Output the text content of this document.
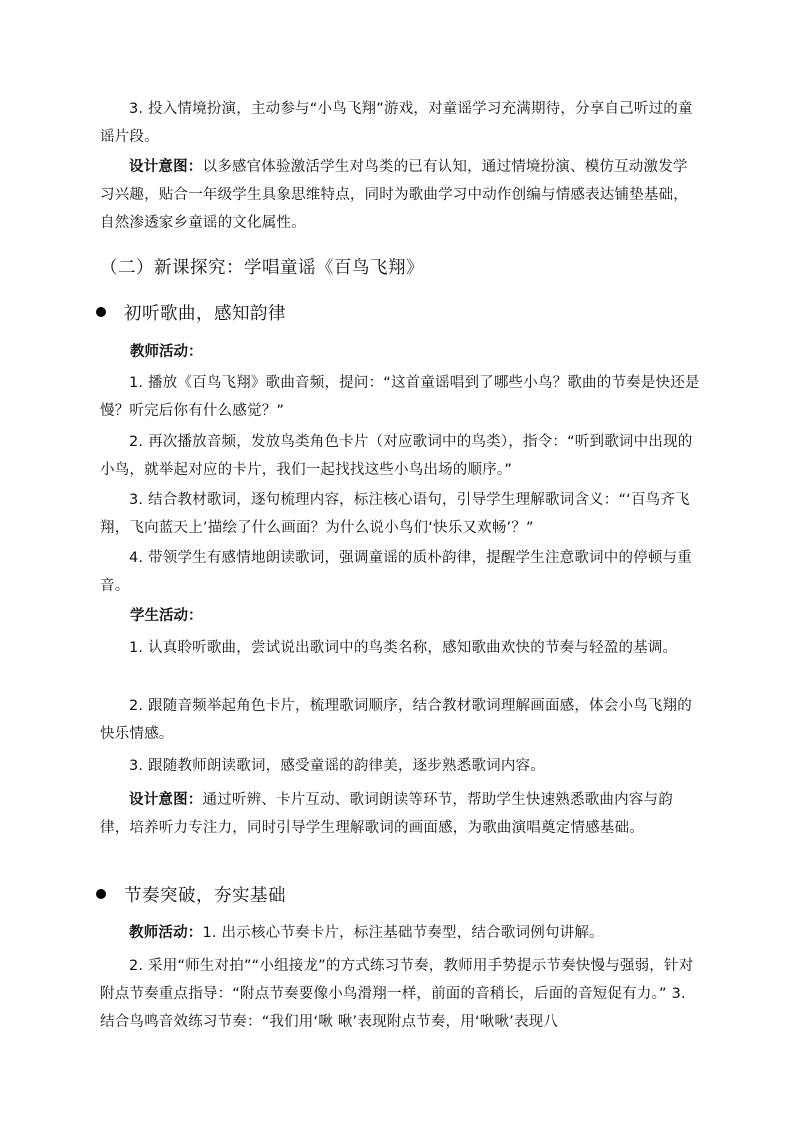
3. 投入情境扮演，主动参与“小鸟飞翔”游戏，对童谣学习充满期待，分享自己听过的童谣片段。

设计意图：以多感官体验激活学生对鸟类的已有认知，通过情境扮演、模仿互动激发学习兴趣，贴合一年级学生具象思维特点，同时为歌曲学习中动作创编与情感表达铺垫基础，自然渗透家乡童谣的文化属性。

（二）新课探究：学唱童谣《百鸟飞翔》

初听歌曲，感知韵律

教师活动：

1. 播放《百鸟飞翔》歌曲音频，提问：“这首童谣唱到了哪些小鸟？歌曲的节奏是快还是慢？听完后你有什么感觉？”

2. 再次播放音频，发放鸟类角色卡片（对应歌词中的鸟类），指令：“听到歌词中出现的小鸟，就举起对应的卡片，我们一起找找这些小鸟出场的顺序。”

3. 结合教材歌词，逐句梳理内容，标注核心语句，引导学生理解歌词含义：“‘百鸟齐飞翔，飞向蓝天上’描绘了什么画面？为什么说小鸟们‘快乐又欢畅’？”

4. 带领学生有感情地朗读歌词，强调童谣的质朴韵律，提醒学生注意歌词中的停顿与重音。

学生活动：

1. 认真聆听歌曲，尝试说出歌词中的鸟类名称，感知歌曲欢快的节奏与轻盈的基调。

2. 跟随音频举起角色卡片，梳理歌词顺序，结合教材歌词理解画面感，体会小鸟飞翔的快乐情感。

3. 跟随教师朗读歌词，感受童谣的韵律美，逐步熟悉歌词内容。

设计意图：通过听辨、卡片互动、歌词朗读等环节，帮助学生快速熟悉歌曲内容与韵律，培养听力专注力，同时引导学生理解歌词的画面感，为歌曲演唱奠定情感基础。

节奏突破，夯实基础

教师活动：1. 出示核心节奏卡片，标注基础节奏型，结合歌词例句讲解。

2. 采用“师生对拍”“小组接龙”的方式练习节奏，教师用手势提示节奏快慢与强弱，针对附点节奏重点指导：“附点节奏要像小鸟滑翔一样，前面的音稍长，后面的音短促有力。” 3. 结合鸟鸣音效练习节奏：“我们用‘啾 啾’表现附点节奏，用‘啾啾’表现八
